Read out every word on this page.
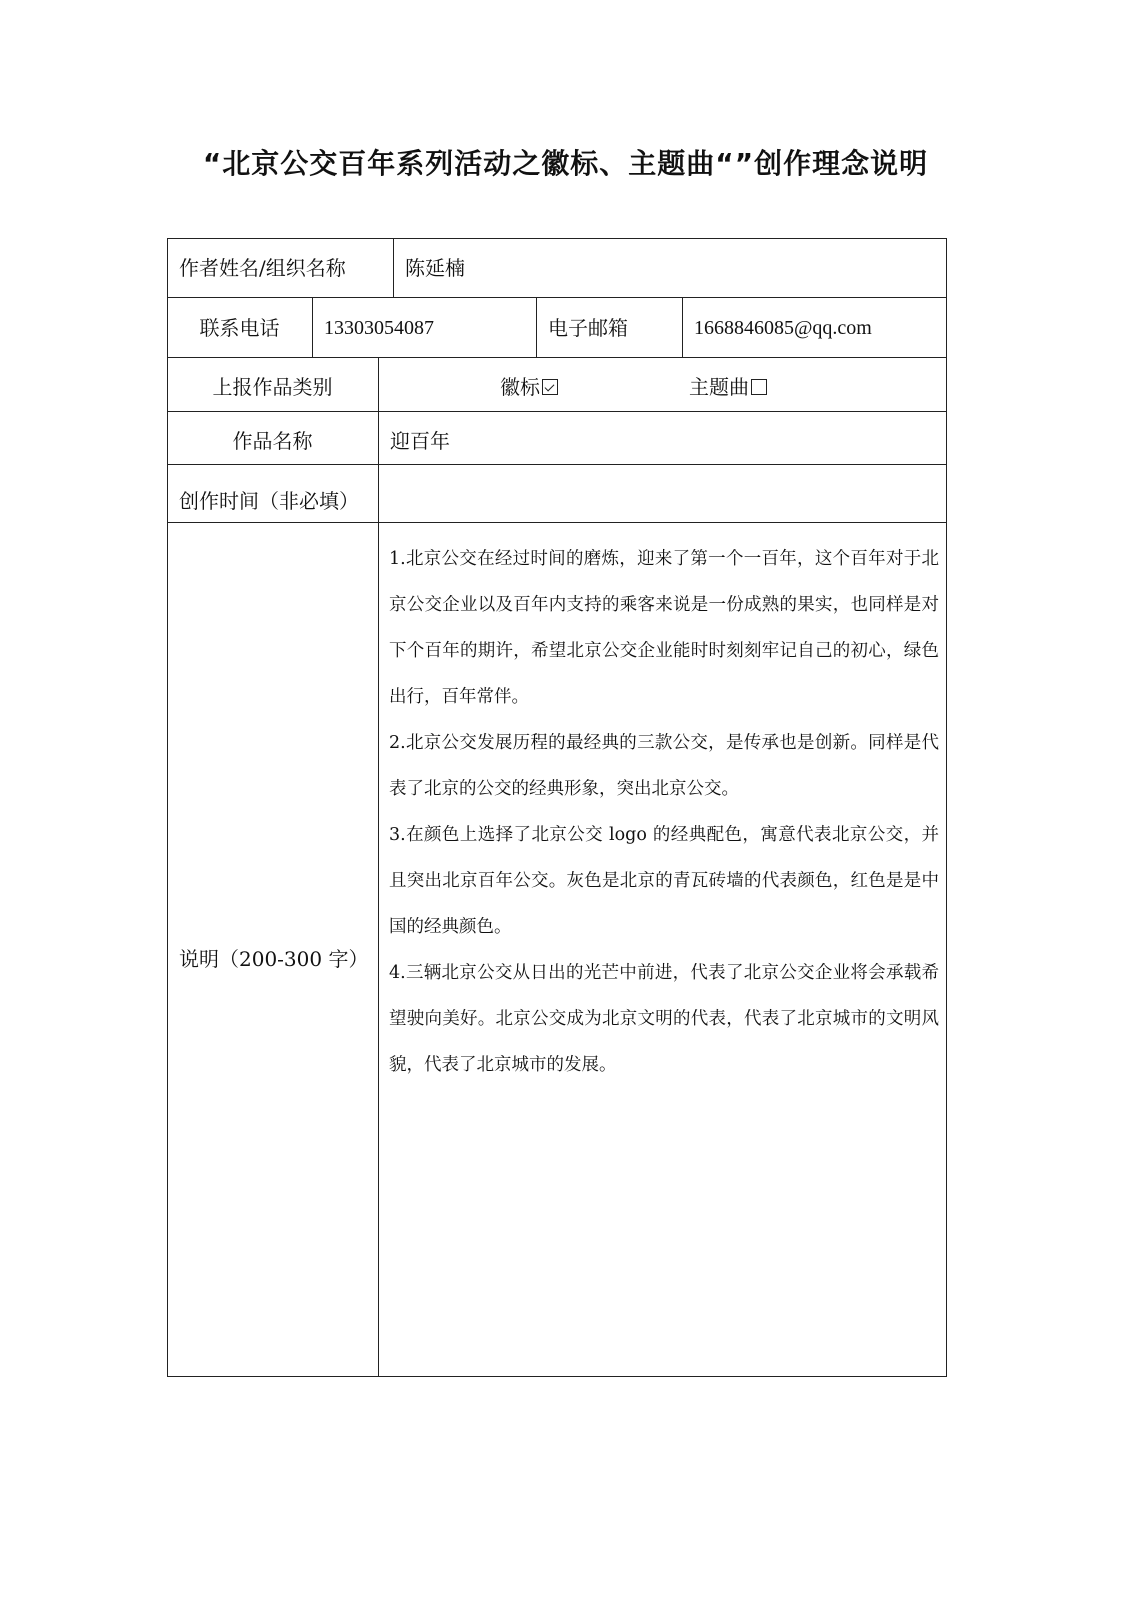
“北京公交百年系列活动之徽标、主题曲“”创作理念说明
作者姓名/组织名称	陈延楠
联系电话	13303054087	电子邮箱	1668846085@qq.com
上报作品类别	徽标	主题曲
作品名称	迎百年
创作时间（非必填）
说明（200-300 字）

1.北京公交在经过时间的磨炼，迎来了第一个一百年，这个百年对于北京公交企业以及百年内支持的乘客来说是一份成熟的果实，也同样是对下个百年的期许，希望北京公交企业能时时刻刻牢记自己的初心，绿色出行，百年常伴。

2.北京公交发展历程的最经典的三款公交，是传承也是创新。同样是代表了北京的公交的经典形象，突出北京公交。

3.在颜色上选择了北京公交 logo 的经典配色，寓意代表北京公交，并且突出北京百年公交。灰色是北京的青瓦砖墙的代表颜色，红色是是中国的经典颜色。

4.三辆北京公交从日出的光芒中前进，代表了北京公交企业将会承载希望驶向美好。北京公交成为北京文明的代表，代表了北京城市的文明风貌，代表了北京城市的发展。
